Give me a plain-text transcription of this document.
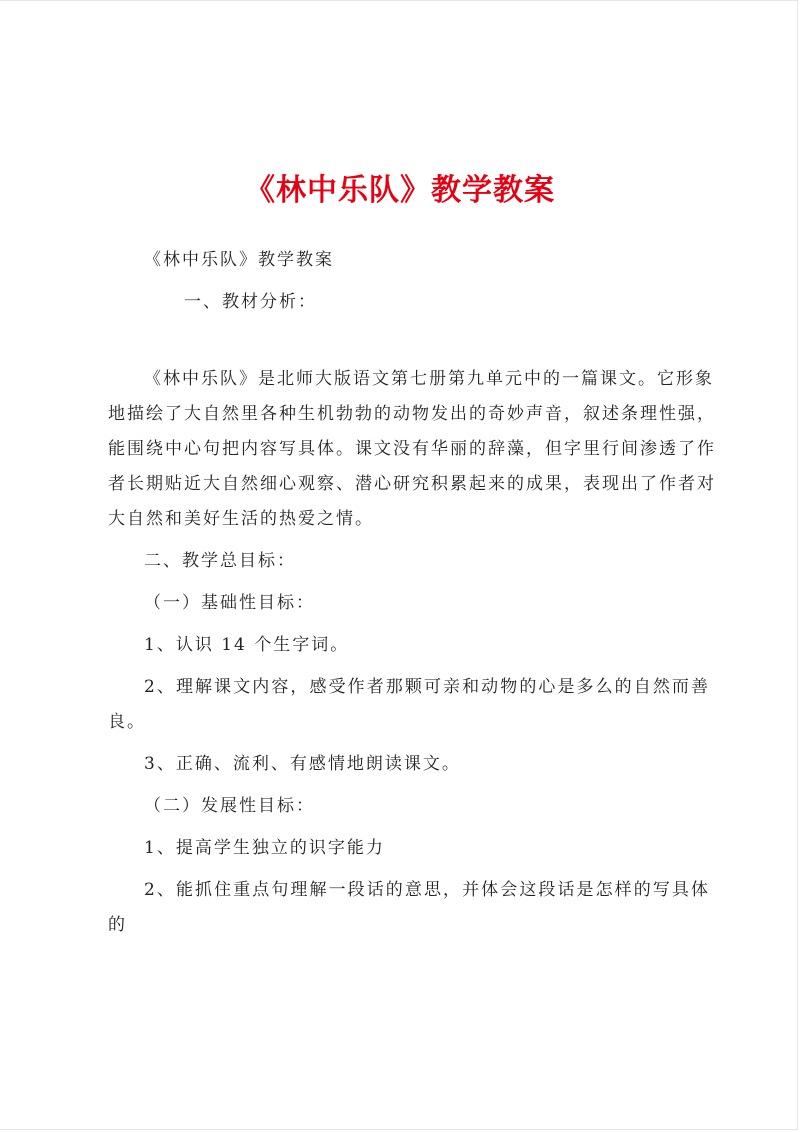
《林中乐队》教学教案
《林中乐队》教学教案
一、教材分析：
《林中乐队》是北师大版语文第七册第九单元中的一篇课文。它形象
地描绘了大自然里各种生机勃勃的动物发出的奇妙声音，叙述条理性强，
能围绕中心句把内容写具体。课文没有华丽的辞藻，但字里行间渗透了作
者长期贴近大自然细心观察、潜心研究积累起来的成果，表现出了作者对
大自然和美好生活的热爱之情。
二、教学总目标：
（一）基础性目标：
1、认识 14 个生字词。
2、理解课文内容，感受作者那颗可亲和动物的心是多么的自然而善
良。
3、正确、流利、有感情地朗读课文。
（二）发展性目标：
1、提高学生独立的识字能力
2、能抓住重点句理解一段话的意思，并体会这段话是怎样的写具体
的
